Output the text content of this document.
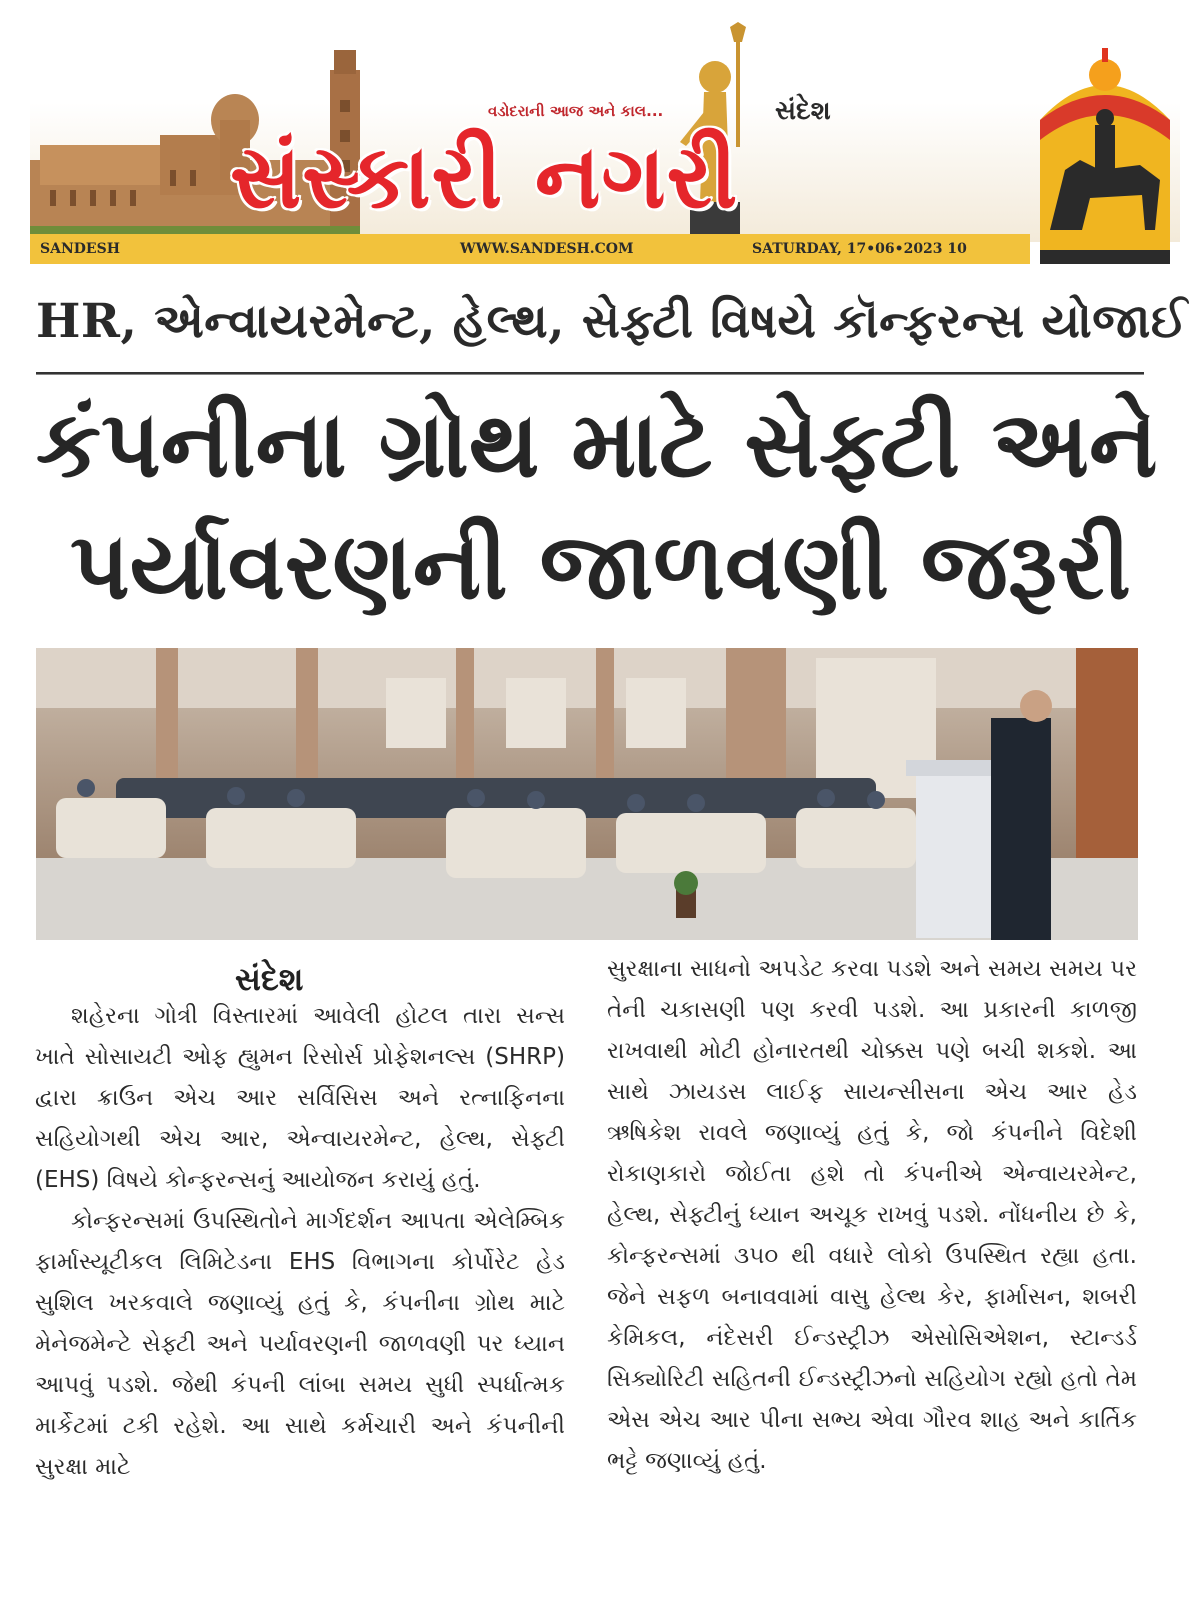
વડોદરાની આજ અને કાલ...	સંદેશ
સંસ્કારી નગરી
SANDESH	WWW.SANDESH.COM	SATURDAY, 17•06•2023 10
HR, એન્વાયરમેન્ટ, હેલ્થ, સેફ્ટી વિષયે કૉન્ફરન્સ યોજાઈ
કંપનીના ગ્રોથ માટે સેફ્ટી અને
પર્યાવરણની જાળવણી જરૂરી
સંદેશ

શહેરના ગોત્રી વિસ્તારમાં આવેલી હોટલ તારા સન્સ ખાતે સોસાયટી ઓફ હ્યુમન રિસોર્સ પ્રોફેશનલ્સ (SHRP) દ્વારા ક્રાઉન એચ આર સર્વિસિસ અને રત્નાફિનના સહિયોગથી એચ આર, એન્વાયરમેન્ટ, હેલ્થ, સેફ્ટી (EHS) વિષયે કોન્ફરન્સનું આયોજન કરાયું હતું.

કોન્ફરન્સમાં ઉપસ્થિતોને માર્ગદર્શન આપતા એલેમ્બિક ફાર્માસ્યૂટીકલ લિમિટેડના EHS વિભાગના કોર્પોરેટ હેડ સુશિલ ખરકવાલે જણાવ્યું હતું કે, કંપનીના ગ્રોથ માટે મેનેજમેન્ટે સેફ્ટી અને પર્યાવરણની જાળવણી પર ધ્યાન આપવું પડશે. જેથી કંપની લાંબા સમય સુધી સ્પર્ધાત્મક માર્કેટમાં ટકી રહેશે. આ સાથે કર્મચારી અને કંપનીની સુરક્ષા માટે

સુરક્ષાના સાધનો અપડેટ કરવા પડશે અને સમય સમય પર તેની ચકાસણી પણ કરવી પડશે. આ પ્રકારની કાળજી રાખવાથી મોટી હોનારતથી ચોક્કસ પણે બચી શકશે. આ સાથે ઝાયડસ લાઈફ સાયન્સીસના એચ આર હેડ ઋષિકેશ રાવલે જણાવ્યું હતું કે, જો કંપનીને વિદેશી રોકાણકારો જોઈતા હશે તો કંપનીએ એન્વાયરમેન્ટ, હેલ્થ, સેફ્ટીનું ધ્યાન અચૂક રાખવું પડશે. નોંધનીય છે કે, કોન્ફરન્સમાં ૩૫૦ થી વધારે લોકો ઉપસ્થિત રહ્યા હતા. જેને સફળ બનાવવામાં વાસુ હેલ્થ કેર, ફાર્માસન, શબરી કેમિકલ, નંદેસરી ઈન્ડસ્ટ્રીઝ એસોસિએશન, સ્ટાન્ડર્ડ સિક્યોરિટી સહિતની ઈન્ડસ્ટ્રીઝનો સહિયોગ રહ્યો હતો તેમ એસ એચ આર પીના સભ્ય એવા ગૌરવ શાહ અને કાર્તિક ભટ્ટે જણાવ્યું હતું.
